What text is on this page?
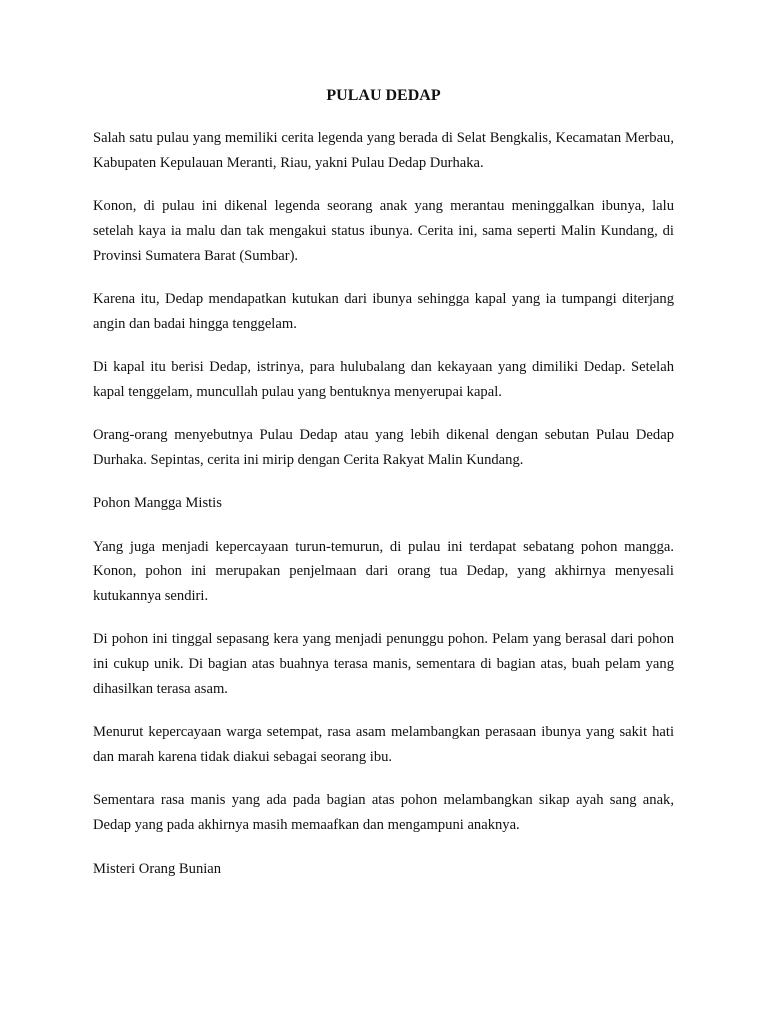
PULAU DEDAP

Salah satu pulau yang memiliki cerita legenda yang berada di Selat Bengkalis, Kecamatan Merbau, Kabupaten Kepulauan Meranti, Riau, yakni Pulau Dedap Durhaka.

Konon, di pulau ini dikenal legenda seorang anak yang merantau meninggalkan ibunya, lalu setelah kaya ia malu dan tak mengakui status ibunya. Cerita ini, sama seperti Malin Kundang, di Provinsi Sumatera Barat (Sumbar).

Karena itu, Dedap mendapatkan kutukan dari ibunya sehingga kapal yang ia tumpangi diterjang angin dan badai hingga tenggelam.

Di kapal itu berisi Dedap, istrinya, para hulubalang dan kekayaan yang dimiliki Dedap. Setelah kapal tenggelam, muncullah pulau yang bentuknya menyerupai kapal.

Orang-orang menyebutnya Pulau Dedap atau yang lebih dikenal dengan sebutan Pulau Dedap Durhaka. Sepintas, cerita ini mirip dengan Cerita Rakyat Malin Kundang.

Pohon Mangga Mistis

Yang juga menjadi kepercayaan turun-temurun, di pulau ini terdapat sebatang pohon mangga. Konon, pohon ini merupakan penjelmaan dari orang tua Dedap, yang akhirnya menyesali kutukannya sendiri.

Di pohon ini tinggal sepasang kera yang menjadi penunggu pohon. Pelam yang berasal dari pohon ini cukup unik. Di bagian atas buahnya terasa manis, sementara di bagian atas, buah pelam yang dihasilkan terasa asam.

Menurut kepercayaan warga setempat, rasa asam melambangkan perasaan ibunya yang sakit hati dan marah karena tidak diakui sebagai seorang ibu.

Sementara rasa manis yang ada pada bagian atas pohon melambangkan sikap ayah sang anak, Dedap yang pada akhirnya masih memaafkan dan mengampuni anaknya.

Misteri Orang Bunian
